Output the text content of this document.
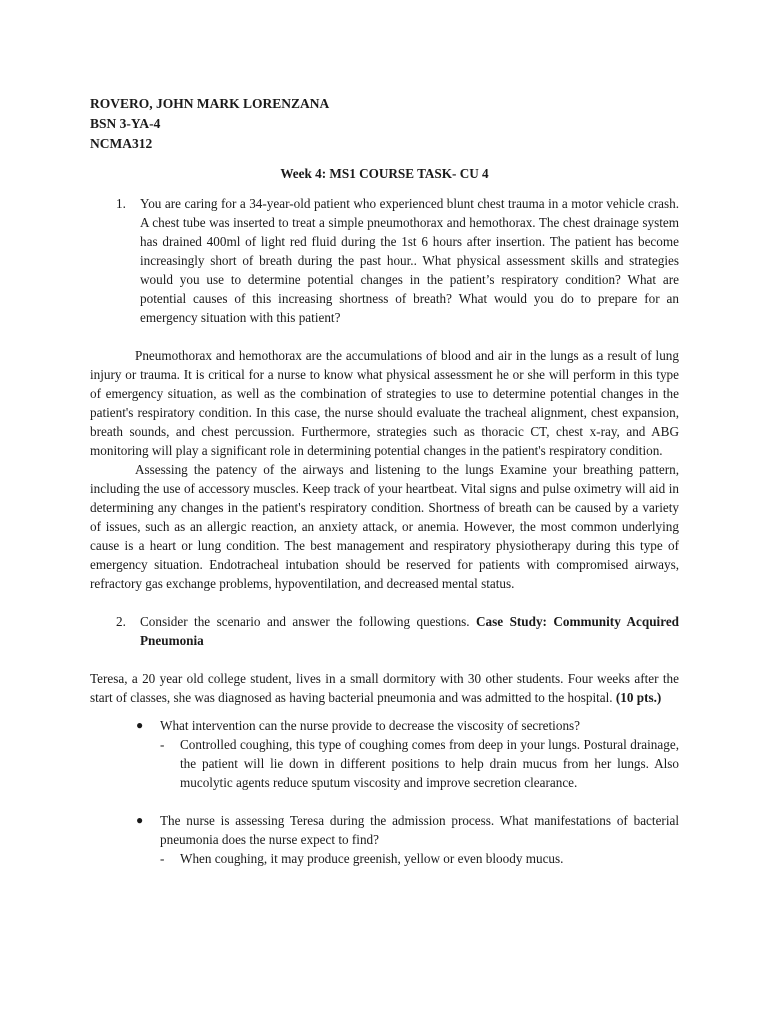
ROVERO, JOHN MARK LORENZANA
BSN 3-YA-4
NCMA312
Week 4: MS1 COURSE TASK- CU 4
1. You are caring for a 34-year-old patient who experienced blunt chest trauma in a motor vehicle crash. A chest tube was inserted to treat a simple pneumothorax and hemothorax. The chest drainage system has drained 400ml of light red fluid during the 1st 6 hours after insertion. The patient has become increasingly short of breath during the past hour.. What physical assessment skills and strategies would you use to determine potential changes in the patient’s respiratory condition? What are potential causes of this increasing shortness of breath? What would you do to prepare for an emergency situation with this patient?
Pneumothorax and hemothorax are the accumulations of blood and air in the lungs as a result of lung injury or trauma. It is critical for a nurse to know what physical assessment he or she will perform in this type of emergency situation, as well as the combination of strategies to use to determine potential changes in the patient's respiratory condition. In this case, the nurse should evaluate the tracheal alignment, chest expansion, breath sounds, and chest percussion. Furthermore, strategies such as thoracic CT, chest x-ray, and ABG monitoring will play a significant role in determining potential changes in the patient's respiratory condition.
Assessing the patency of the airways and listening to the lungs Examine your breathing pattern, including the use of accessory muscles. Keep track of your heartbeat. Vital signs and pulse oximetry will aid in determining any changes in the patient's respiratory condition. Shortness of breath can be caused by a variety of issues, such as an allergic reaction, an anxiety attack, or anemia. However, the most common underlying cause is a heart or lung condition. The best management and respiratory physiotherapy during this type of emergency situation. Endotracheal intubation should be reserved for patients with compromised airways, refractory gas exchange problems, hypoventilation, and decreased mental status.
2. Consider the scenario and answer the following questions. Case Study: Community Acquired Pneumonia
Teresa, a 20 year old college student, lives in a small dormitory with 30 other students. Four weeks after the start of classes, she was diagnosed as having bacterial pneumonia and was admitted to the hospital. (10 pts.)
● What intervention can the nurse provide to decrease the viscosity of secretions?
- Controlled coughing, this type of coughing comes from deep in your lungs. Postural drainage, the patient will lie down in different positions to help drain mucus from her lungs. Also mucolytic agents reduce sputum viscosity and improve secretion clearance.
● The nurse is assessing Teresa during the admission process. What manifestations of bacterial pneumonia does the nurse expect to find?
- When coughing, it may produce greenish, yellow or even bloody mucus.
